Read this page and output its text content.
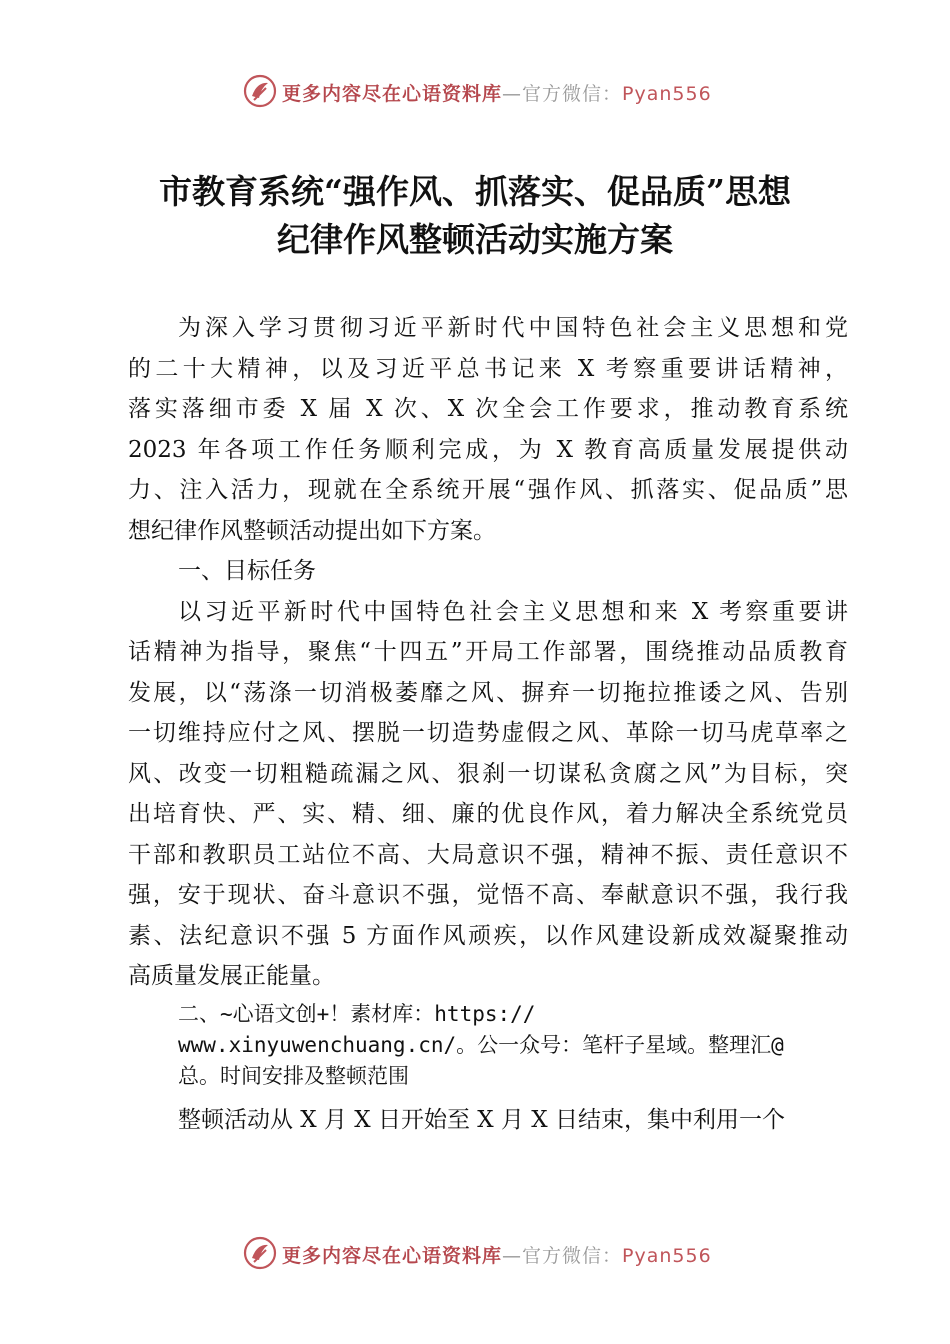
更多内容尽在心语资料库—官方微信：Pyan556
市教育系统“强作风、抓落实、促品质”思想
纪律作风整顿活动实施方案
为深入学习贯彻习近平新时代中国特色社会主义思想和党
的二十大精神，以及习近平总书记来 X 考察重要讲话精神，
落实落细市委 X 届 X 次、X 次全会工作要求，推动教育系统
2023 年各项工作任务顺利完成，为 X 教育高质量发展提供动
力、注入活力，现就在全系统开展“强作风、抓落实、促品质”思
想纪律作风整顿活动提出如下方案。
一、目标任务
以习近平新时代中国特色社会主义思想和来 X 考察重要讲
话精神为指导，聚焦“十四五”开局工作部署，围绕推动品质教育
发展，以“荡涤一切消极萎靡之风、摒弃一切拖拉推诿之风、告别
一切维持应付之风、摆脱一切造势虚假之风、革除一切马虎草率之
风、改变一切粗糙疏漏之风、狠刹一切谋私贪腐之风”为目标，突
出培育快、严、实、精、细、廉的优良作风，着力解决全系统党员
干部和教职员工站位不高、大局意识不强，精神不振、责任意识不
强，安于现状、奋斗意识不强，觉悟不高、奉献意识不强，我行我
素、法纪意识不强 5 方面作风顽疾，以作风建设新成效凝聚推动
高质量发展正能量。
二、~心语文创+！素材库：https://
www.xinyuwenchuang.cn/。公一众号：笔杆子星域。整理汇@
总。时间安排及整顿范围
整顿活动从 X 月 X 日开始至 X 月 X 日结束，集中利用一个
更多内容尽在心语资料库—官方微信：Pyan556
